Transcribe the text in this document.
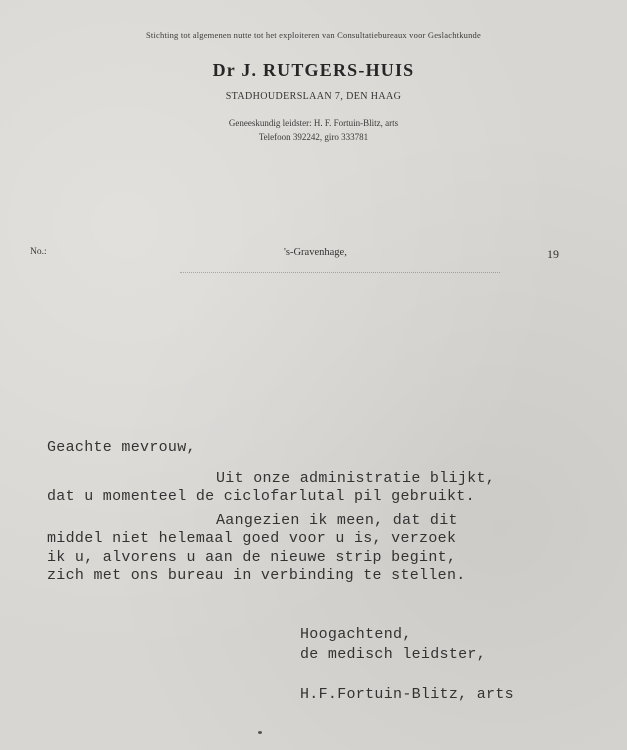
Stichting tot algemenen nutte tot het exploiteren van Consultatiebureaux voor Geslachtkunde
Dr J. RUTGERS-HUIS
STADHOUDERSLAAN 7, DEN HAAG
Geneeskundig leidster: H. F. Fortuin-Blitz, arts
Telefoon 392242, giro 333781
No.:	's-Gravenhage,	19
Geachte mevrouw,
Uit onze administratie blijkt,
dat u momenteel de ciclofarlutal pil gebruikt.
Aangezien ik meen, dat dit
middel niet helemaal goed voor u is, verzoek
ik u, alvorens u aan de nieuwe strip begint,
zich met ons bureau in verbinding te stellen.
Hoogachtend,
de medisch leidster,
H.F.Fortuin-Blitz, arts
